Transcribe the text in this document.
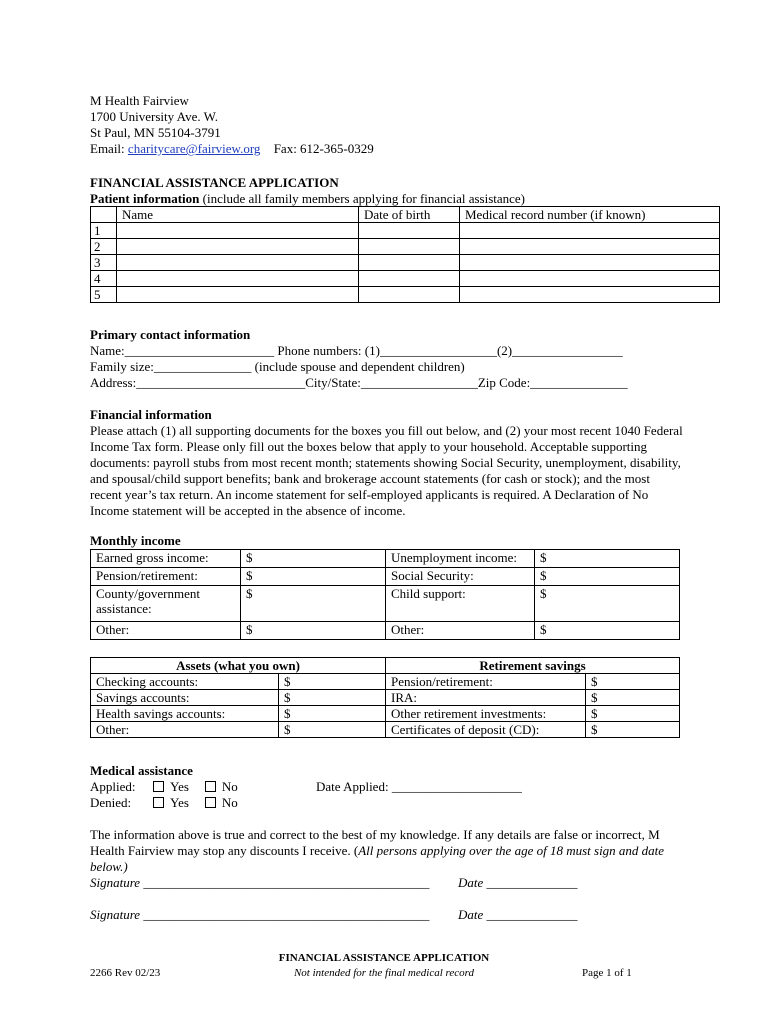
M Health Fairview
1700 University Ave. W.
St Paul, MN 55104-3791
Email: charitycare@fairview.org Fax: 612-365-0329
FINANCIAL ASSISTANCE APPLICATION
Patient information (include all family members applying for financial assistance)
	Name	Date of birth	Medical record number (if known)
1			
2			
3			
4			
5			
Primary contact information
Name:_______________________ Phone numbers: (1)__________________(2)_________________
Family size:_______________ (include spouse and dependent children)
Address:__________________________City/State:__________________Zip Code:_______________
Financial information

Please attach (1) all supporting documents for the boxes you fill out below, and (2) your most recent 1040 Federal Income Tax form. Please only fill out the boxes below that apply to your household. Acceptable supporting documents: payroll stubs from most recent month; statements showing Social Security, unemployment, disability, and spousal/child support benefits; bank and brokerage account statements (for cash or stock); and the most recent year’s tax return. An income statement for self-employed applicants is required. A Declaration of No Income statement will be accepted in the absence of income.

Monthly income
Earned gross income:	$	Unemployment income:	$
Pension/retirement:	$	Social Security:	$
County/government assistance:	$	Child support:	$
Other:	$	Other:	$
Assets (what you own)		Retirement savings	
Checking accounts:	$	Pension/retirement:	$
Savings accounts:	$	IRA:	$
Health savings accounts:	$	Other retirement investments:	$
Other:	$	Certificates of deposit (CD):	$
Medical assistance
Applied:	Yes	No	Date Applied: ____________________
Denied:	Yes	No

The information above is true and correct to the best of my knowledge. If any details are false or incorrect, M Health Fairview may stop any discounts I receive. (All persons applying over the age of 18 must sign and date below.)

Signature ____________________________________________ Date ______________
Signature ____________________________________________ Date ______________
FINANCIAL ASSISTANCE APPLICATION
Not intended for the final medical record
2266 Rev 02/23	Page 1 of 1
